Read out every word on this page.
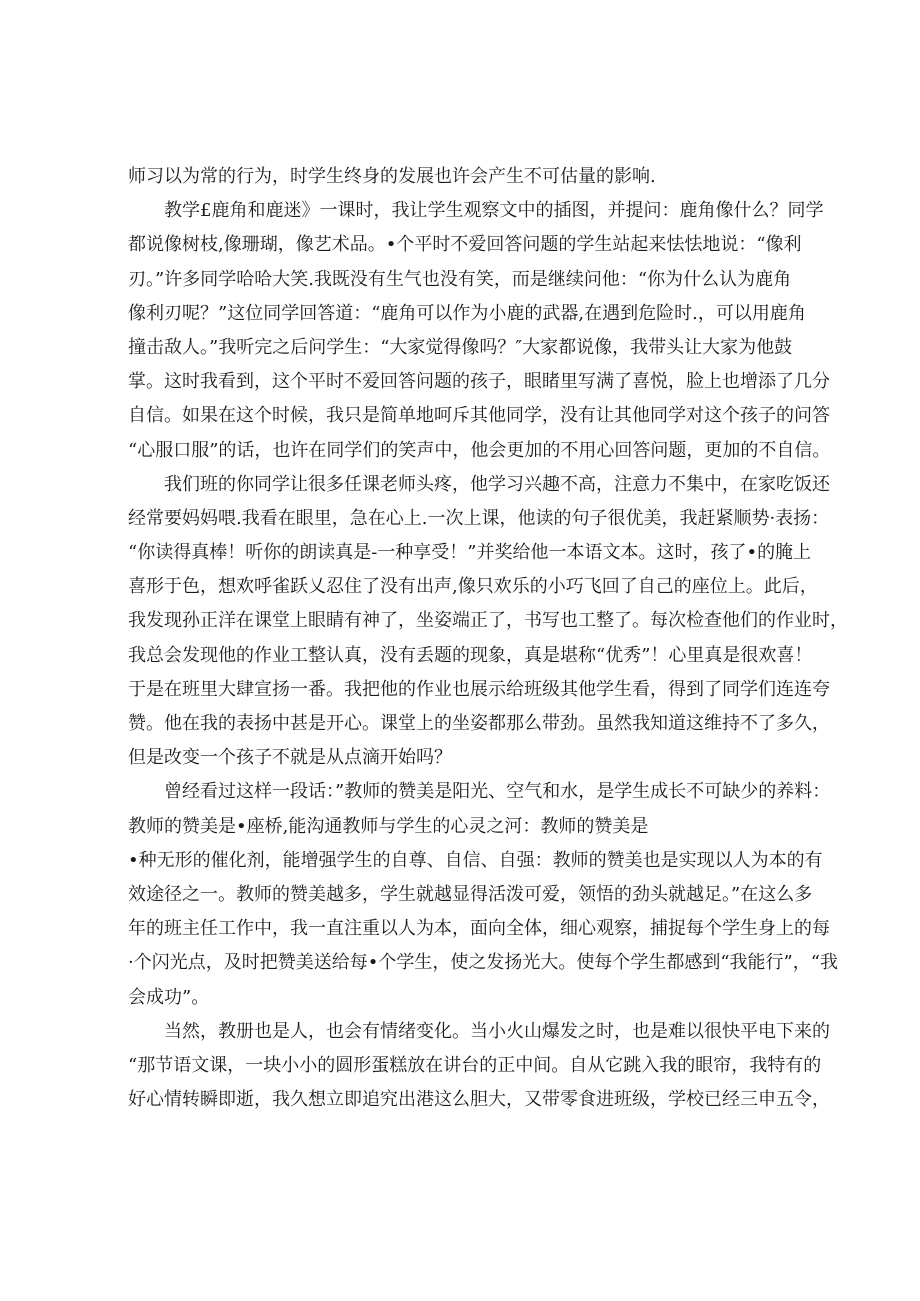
师习以为常的行为，时学生终身的发展也许会产生不可估量的影响.
教学£鹿角和鹿迷》一课时，我让学生观察文中的插图，并提问：鹿角像什么？同学
都说像树枝,像珊瑚，像艺术品。•个平时不爱回答问题的学生站起来怯怯地说：“像利
刃。”许多同学哈哈大笑.我既没有生气也没有笑，而是继续问他：“你为什么认为鹿角
像利刃呢？”这位同学回答道：“鹿角可以作为小鹿的武器,在遇到危险时.，可以用鹿角
撞击敌人。”我听完之后问学生：“大家觉得像吗？″大家都说像，我带头让大家为他鼓
掌。这时我看到，这个平时不爱回答问题的孩子，眼睹里写满了喜悦，脸上也增添了几分
自信。如果在这个时候，我只是简单地呵斥其他同学，没有让其他同学对这个孩子的问答
“心服口服”的话，也许在同学们的笑声中，他会更加的不用心回答问题，更加的不自信。
我们班的你同学让很多任课老师头疼，他学习兴趣不高，注意力不集中，在家吃饭还
经常要妈妈喂.我看在眼里，急在心上.一次上课，他读的句子很优美，我赶紧顺势·表扬：
“你读得真棒！听你的朗读真是-一种享受！”并奖给他一本语文本。这时，孩了•的腌上
喜形于色，想欢呼雀跃乂忍住了没有出声,像只欢乐的小巧飞回了自己的座位上。此后，
我发现孙正洋在课堂上眼睛有神了，坐姿端正了，书写也工整了。每次检查他们的作业时，
我总会发现他的作业工整认真，没有丢题的现象，真是堪称“优秀”！心里真是很欢喜！
于是在班里大肆宣扬一番。我把他的作业也展示给班级其他学生看，得到了同学们连连夸
赞。他在我的表扬中甚是开心。课堂上的坐姿都那么带劲。虽然我知道这维持不了多久，
但是改变一个孩子不就是从点滴开始吗？
曾经看过这样一段话：”教师的赞美是阳光、空气和水，是学生成长不可缺少的养料：
教师的赞美是•座桥,能沟通教师与学生的心灵之河：教师的赞美是
•种无形的催化剂，能增强学生的自尊、自信、自强：教师的赞美也是实现以人为本的有
效途径之一。教师的赞美越多，学生就越显得活泼可爱，领悟的劲头就越足。”在这么多
年的班主任工作中，我一直注重以人为本，面向全体，细心观察，捕捉每个学生身上的每
·个闪光点，及时把赞美送给每•个学生，使之发扬光大。使每个学生都感到“我能行”，“我
会成功”。
当然，教册也是人，也会有情绪变化。当小火山爆发之时，也是难以很快平电下来的
“那节语文课，一块小小的圆形蛋糕放在讲台的正中间。自从它跳入我的眼帘，我特有的
好心情转瞬即逝，我久想立即追究出港这么胆大，又带零食进班级，学校已经三申五令，
